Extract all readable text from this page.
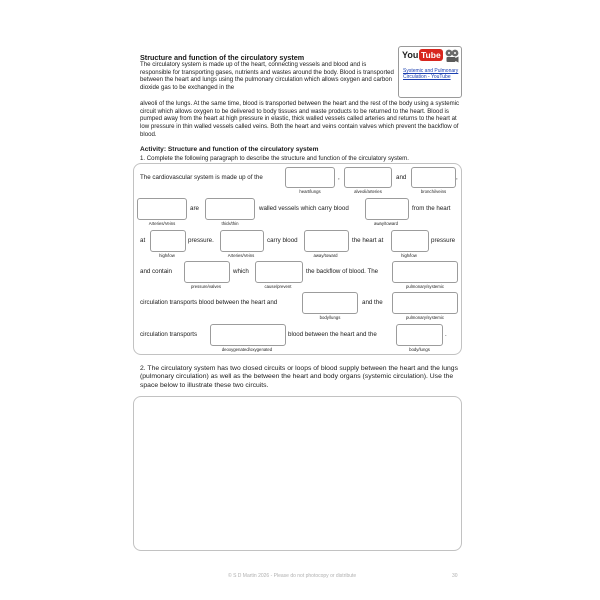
Structure and function of the circulatory system

The circulatory system is made up of the heart, connecting vessels and blood and is responsible for transporting gases, nutrients and wastes around the body. Blood is transported between the heart and lungs using the pulmonary circulation which allows oxygen and carbon dioxide gas to be exchanged in the

alveoli of the lungs. At the same time, blood is transported between the heart and the rest of the body using a systemic circuit which allows oxygen to be delivered to body tissues and waste products to be returned to the heart. Blood is pumped away from the heart at high pressure in elastic, thick walled vessels called arteries and returns to the heart at low pressure in thin walled vessels called veins. Both the heart and veins contain valves which prevent the backflow of blood.

You Tube
Systemic and Pulmonary Circulation - YouTube
Activity: Structure and function of the circulatory system
1. Complete the following paragraph to describe the structure and function of the circulatory system.
The cardiovascular system is made up of the	,	and	,
heart/lungs	alveoli/arteries	bronchi/veins
are	walled vessels which carry blood	from the heart
Arteries/Veins	thick/thin	away/toward
at	pressure.	carry blood	the heart at	pressure
high/low	Arteries/Veins	away/toward	high/low
and contain	which	the backflow of blood. The
pressure/valves	cause/prevent	pulmonary/systemic
circulation transports blood between the heart and	and the
body/lungs	pulmonary/systemic
circulation transports	blood between the heart and the	.
deoxygenated/oxygenated	body/lungs

2. The circulatory system has two closed circuits or loops of blood supply between the heart and the lungs (pulmonary circulation) as well as the between the heart and body organs (systemic circulation). Use the space below to illustrate these two circuits.

© S D Martin 2026 - Please do not photocopy or distribute	30
